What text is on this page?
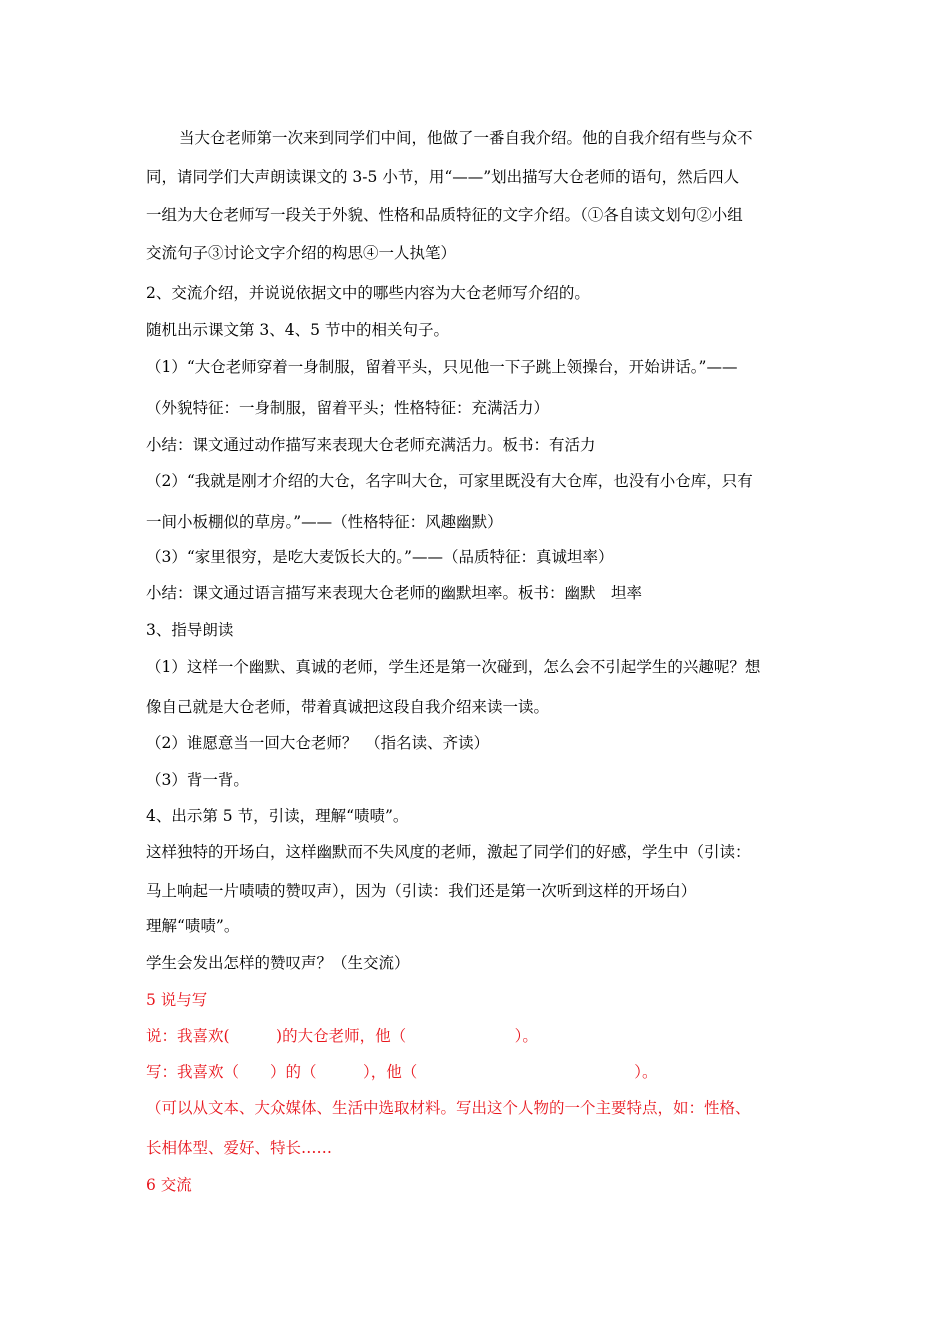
当大仓老师第一次来到同学们中间，他做了一番自我介绍。他的自我介绍有些与众不

同，请同学们大声朗读课文的 3-5 小节，用“——”划出描写大仓老师的语句，然后四人

一组为大仓老师写一段关于外貌、性格和品质特征的文字介绍。（①各自读文划句②小组

交流句子③讨论文字介绍的构思④一人执笔）

2、交流介绍，并说说依据文中的哪些内容为大仓老师写介绍的。

随机出示课文第 3、4、5 节中的相关句子。

（1）“大仓老师穿着一身制服，留着平头，只见他一下子跳上领操台，开始讲话。”——

（外貌特征：一身制服，留着平头；性格特征：充满活力）

小结：课文通过动作描写来表现大仓老师充满活力。板书：有活力

（2）“我就是刚才介绍的大仓，名字叫大仓，可家里既没有大仓库，也没有小仓库，只有

一间小板棚似的草房。”——（性格特征：风趣幽默）

（3）“家里很穷，是吃大麦饭长大的。”——（品质特征：真诚坦率）

小结：课文通过语言描写来表现大仓老师的幽默坦率。板书：幽默　坦率

3、指导朗读

（1）这样一个幽默、真诚的老师，学生还是第一次碰到，怎么会不引起学生的兴趣呢？想

像自己就是大仓老师，带着真诚把这段自我介绍来读一读。

（2）谁愿意当一回大仓老师？　（指名读、齐读）

（3）背一背。

4、出示第 5 节，引读，理解“啧啧”。

这样独特的开场白，这样幽默而不失风度的老师，激起了同学们的好感，学生中（引读：

马上响起一片啧啧的赞叹声），因为（引读：我们还是第一次听到这样的开场白）

理解“啧啧”。

学生会发出怎样的赞叹声？（生交流）

5 说与写

说：我喜欢(　　　)的大仓老师，他（　　　　　　　）。

写：我喜欢（　　）的（　　　），他（　　　　　　　　　　　　　　）。

（可以从文本、大众媒体、生活中选取材料。写出这个人物的一个主要特点，如：性格、

长相体型、爱好、特长……

6 交流
